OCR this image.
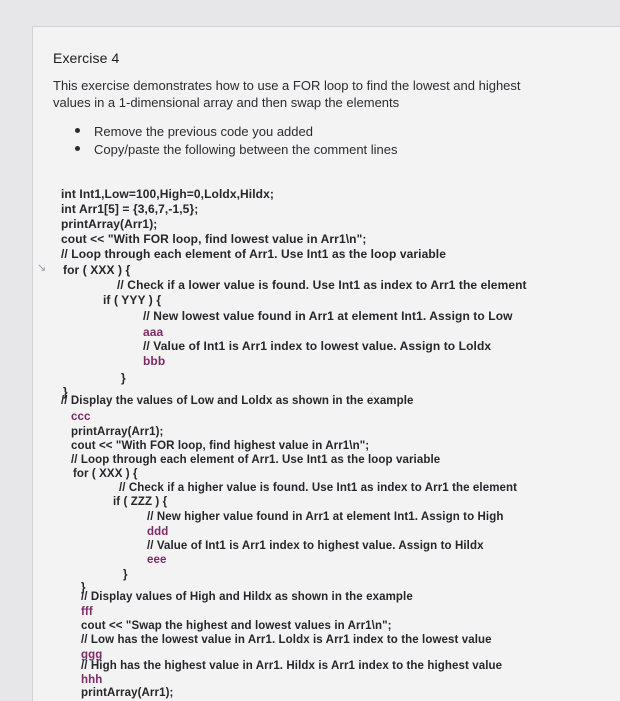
↘
Exercise 4
This exercise demonstrates how to use a FOR loop to find the lowest and highest
values in a 1-dimensional array and then swap the elements
Remove the previous code you added
Copy/paste the following between the comment lines
int Int1,Low=100,High=0,Loldx,Hildx;
int Arr1[5] = {3,6,7,-1,5};
printArray(Arr1);
cout << "With FOR loop, find lowest value in Arr1\n";
// Loop through each element of Arr1. Use Int1 as the loop variable
for ( XXX ) {
// Check if a lower value is found. Use Int1 as index to Arr1 the element
if ( YYY ) {
// New lowest value found in Arr1 at element Int1. Assign to Low
aaa
// Value of Int1 is Arr1 index to lowest value. Assign to Loldx
bbb
}
}
// Display the values of Low and Loldx as shown in the example
ccc
printArray(Arr1);
cout << "With FOR loop, find highest value in Arr1\n";
// Loop through each element of Arr1. Use Int1 as the loop variable
for ( XXX ) {
// Check if a higher value is found. Use Int1 as index to Arr1 the element
if ( ZZZ ) {
// New higher value found in Arr1 at element Int1. Assign to High
ddd
// Value of Int1 is Arr1 index to highest value. Assign to Hildx
eee
}
}
// Display values of High and Hildx as shown in the example
fff
cout << "Swap the highest and lowest values in Arr1\n";
// Low has the lowest value in Arr1. Loldx is Arr1 index to the lowest value
ggg
// High has the highest value in Arr1. Hildx is Arr1 index to the highest value
hhh
printArray(Arr1);
